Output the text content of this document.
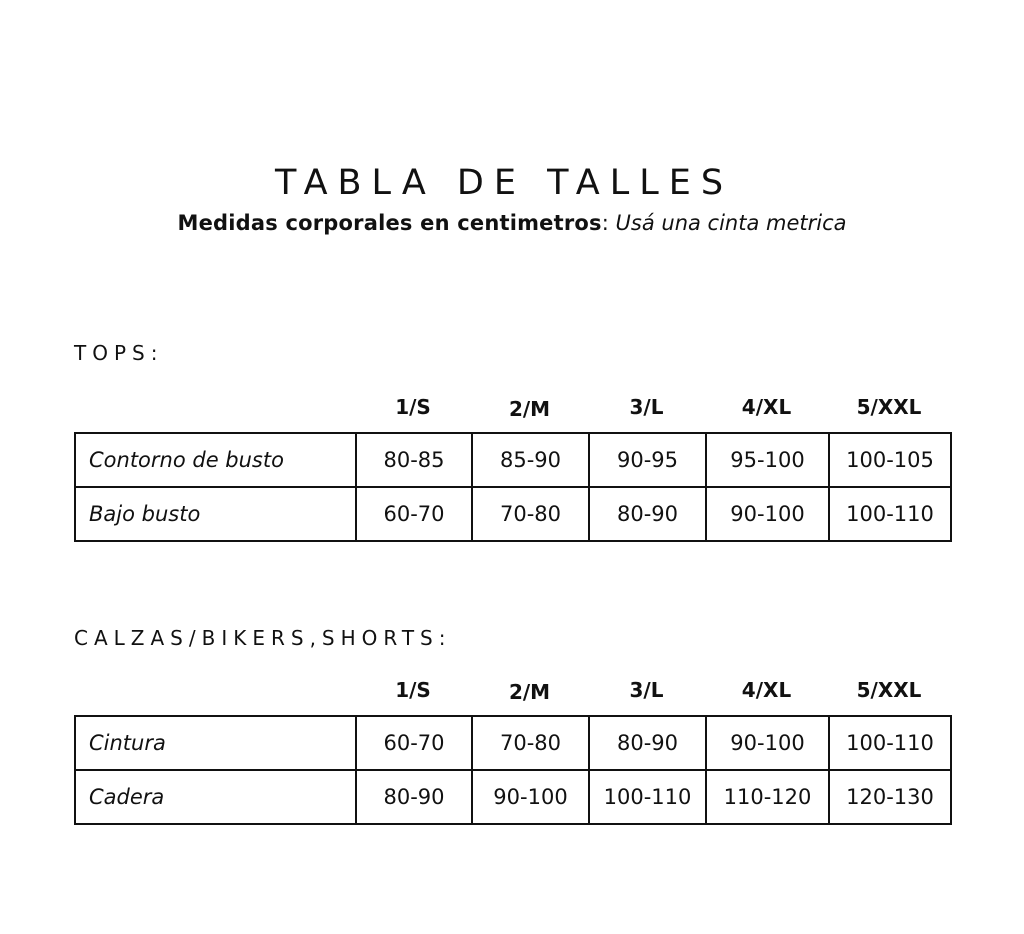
TABLA DE TALLES
Medidas corporales en centimetros: Usá una cinta metrica
TOPS:
1/S	2/M	3/L	4/XL	5/XXL
Contorno de busto	80-85	85-90	90-95	95-100	100-105
Bajo busto	60-70	70-80	80-90	90-100	100-110
CALZAS/BIKERS,SHORTS:
1/S	2/M	3/L	4/XL	5/XXL
Cintura	60-70	70-80	80-90	90-100	100-110
Cadera	80-90	90-100	100-110	110-120	120-130
